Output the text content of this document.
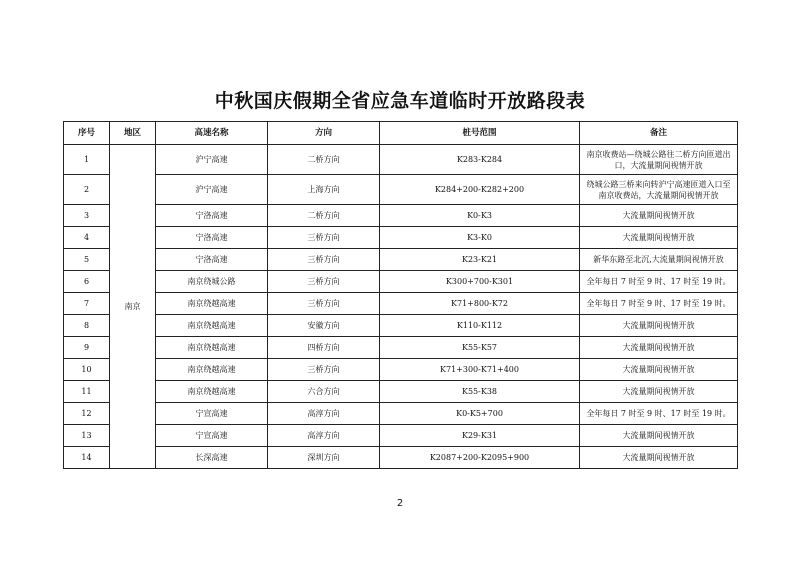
中秋国庆假期全省应急车道临时开放路段表
序号	地区	高速名称	方向	桩号范围	备注
1	南京	沪宁高速	二桥方向	K283-K284	南京收费站—绕城公路往二桥方向匝道出口，大流量期间视情开放
2		沪宁高速	上海方向	K284+200-K282+200	绕城公路三桥来向转沪宁高速匝道入口至南京收费站，大流量期间视情开放
3		宁洛高速	二桥方向	K0-K3	大流量期间视情开放
4		宁洛高速	三桥方向	K3-K0	大流量期间视情开放
5		宁洛高速	三桥方向	K23-K21	新华东路至北沉,大流量期间视情开放
6		南京绕城公路	三桥方向	K300+700-K301	全年每日 7 时至 9 时、17 时至 19 时。
7		南京绕越高速	三桥方向	K71+800-K72	全年每日 7 时至 9 时、17 时至 19 时。
8		南京绕越高速	安徽方向	K110-K112	大流量期间视情开放
9		南京绕越高速	四桥方向	K55-K57	大流量期间视情开放
10		南京绕越高速	三桥方向	K71+300-K71+400	大流量期间视情开放
11		南京绕越高速	六合方向	K55-K38	大流量期间视情开放
12		宁宣高速	高淳方向	K0-K5+700	全年每日 7 时至 9 时、17 时至 19 时。
13		宁宣高速	高淳方向	K29-K31	大流量期间视情开放
14		长深高速	深圳方向	K2087+200-K2095+900	大流量期间视情开放
2
